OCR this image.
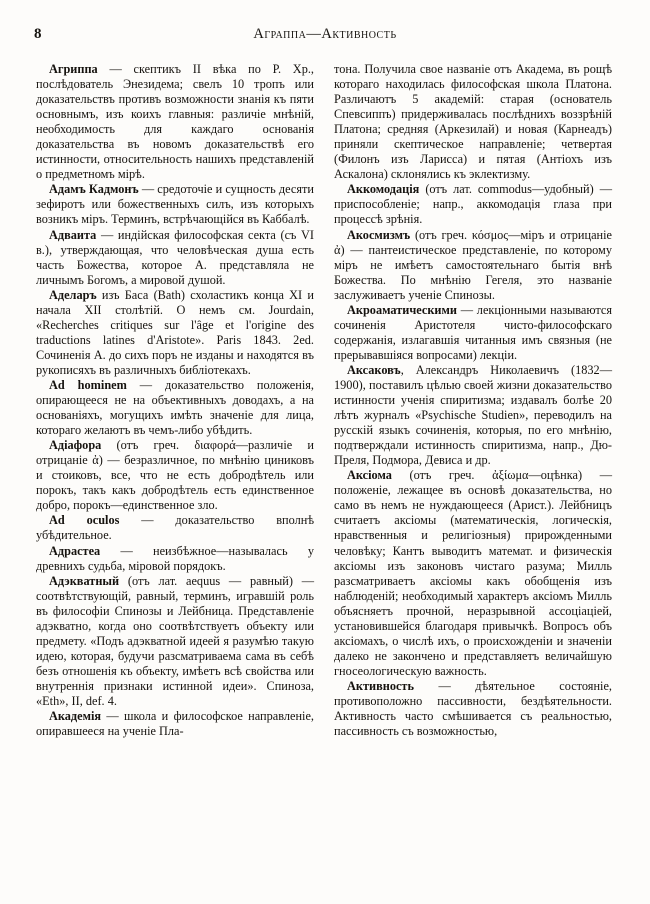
8	Аграппа—Активность

Агриппа — скептикъ II вѣка по Р. Хр., послѣдователь Энезидема; свелъ 10 тропъ или доказательствъ противъ возможности знанія къ пяти основнымъ, изъ коихъ главныя: различіе мнѣній, необходимость для каждаго основанія доказательства въ новомъ доказательствѣ его истинности, относительность нашихъ представленій о предметномъ мірѣ.

Адамъ Кадмонъ — средоточіе и сущность десяти зефиротъ или божественныхъ силъ, изъ которыхъ возникъ міръ. Терминъ, встрѣчающійся въ Каббалѣ.

Адваита — индійская философская секта (съ VI в.), утверждающая, что человѣческая душа есть часть Божества, которое А. представляла не личнымъ Богомъ, а мировой душой.

Аделаръ изъ Баса (Bath) схоластикъ конца XI и начала XII столѣтій. О немъ см. Jourdain, «Recherches critiques sur l'âge et l'origine des traductions latines d'Aristote». Paris 1843. 2ed. Сочиненія А. до сихъ поръ не изданы и находятся въ рукописяхъ въ различныхъ библіотекахъ.

Ad hominem — доказательство положенія, опирающееся не на объективныхъ доводахъ, а на основаніяхъ, могущихъ имѣть значеніе для лица, котораго желаютъ въ чемъ-либо убѣдить.

Адіафора (отъ греч. διαφορά—различіе и отрицаніе ἀ) — безразличное, по мнѣнію циниковъ и стоиковъ, все, что не есть добродѣтель или порокъ, такъ какъ добродѣтель есть единственное добро, порокъ—единственное зло.

Ad oculos — доказательство вполнѣ убѣдительное.

Адрастеа — неизбѣжное—называлась у древнихъ судьба, міровой порядокъ.

Адэкватный (отъ лат. aequus — равный) — соотвѣтствующій, равный, терминъ, игравшій роль въ философіи Спинозы и Лейбница. Представленіе адэкватно, когда оно соотвѣтствуетъ объекту или предмету. «Подъ адэкватной идеей я разумѣю такую идею, которая, будучи разсматриваема сама въ себѣ безъ отношенія къ объекту, имѣетъ всѣ свойства или внутреннія признаки истинной идеи». Спиноза, «Eth», II, def. 4.

Академія — школа и философское направленіе, опиравшееся на ученіе Пла-

тона. Получила свое названіе отъ Академа, въ рощѣ котораго находилась философская школа Платона. Различаютъ 5 академій: старая (основатель Спевсиппъ) придерживалась послѣднихъ воззрѣній Платона; средняя (Аркезилай) и новая (Карнеадъ) приняли скептическое направленіе; четвертая (Филонъ изъ Ларисса) и пятая (Антіохъ изъ Аскалона) склонялись къ эклектизму.

Аккомодація (отъ лат. commodus—удобный) — приспособленіе; напр., аккомодація глаза при процессѣ зрѣнія.

Акосмизмъ (отъ греч. κόσμος—міръ и отрицаніе ἀ) — пантеистическое представленіе, по которому міръ не имѣетъ самостоятельнаго бытія внѣ Божества. По мнѣнію Гегеля, это названіе заслуживаетъ ученіе Спинозы.

Акроаматическими — лекціонными называются сочиненія Аристотеля чисто-философскаго содержанія, излагавшія читанныя имъ связныя (не прерывавшіяся вопросами) лекціи.

Аксаковъ, Александръ Николаевичъ (1832—1900), поставилъ цѣлью своей жизни доказательство истинности ученія спиритизма; издавалъ болѣе 20 лѣтъ журналъ «Psychische Studien», переводилъ на русскій языкъ сочиненія, которыя, по его мнѣнію, подтверждали истинность спиритизма, напр., Дю-Преля, Подмора, Девиса и др.

Аксіома (отъ греч. ἀξίωμα—оцѣнка) — положеніе, лежащее въ основѣ доказательства, но само въ немъ не нуждающееся (Арист.). Лейбницъ считаетъ аксіомы (математическія, логическія, нравственныя и религіозныя) прирожденными человѣку; Кантъ выводитъ математ. и физическія аксіомы изъ законовъ чистаго разума; Милль разсматриваетъ аксіомы какъ обобщенія изъ наблюденій; необходимый характеръ аксіомъ Милль объясняетъ прочной, неразрывной ассоціаціей, установившейся благодаря привычкѣ. Вопросъ объ аксіомахъ, о числѣ ихъ, о происхожденіи и значеніи далеко не закончено и представляетъ величайшую гносеологическую важность.

Активность — дѣятельное состояніе, противоположно пассивности, бездѣятельности. Активность часто смѣшивается съ реальностью, пассивность съ возможностью,
